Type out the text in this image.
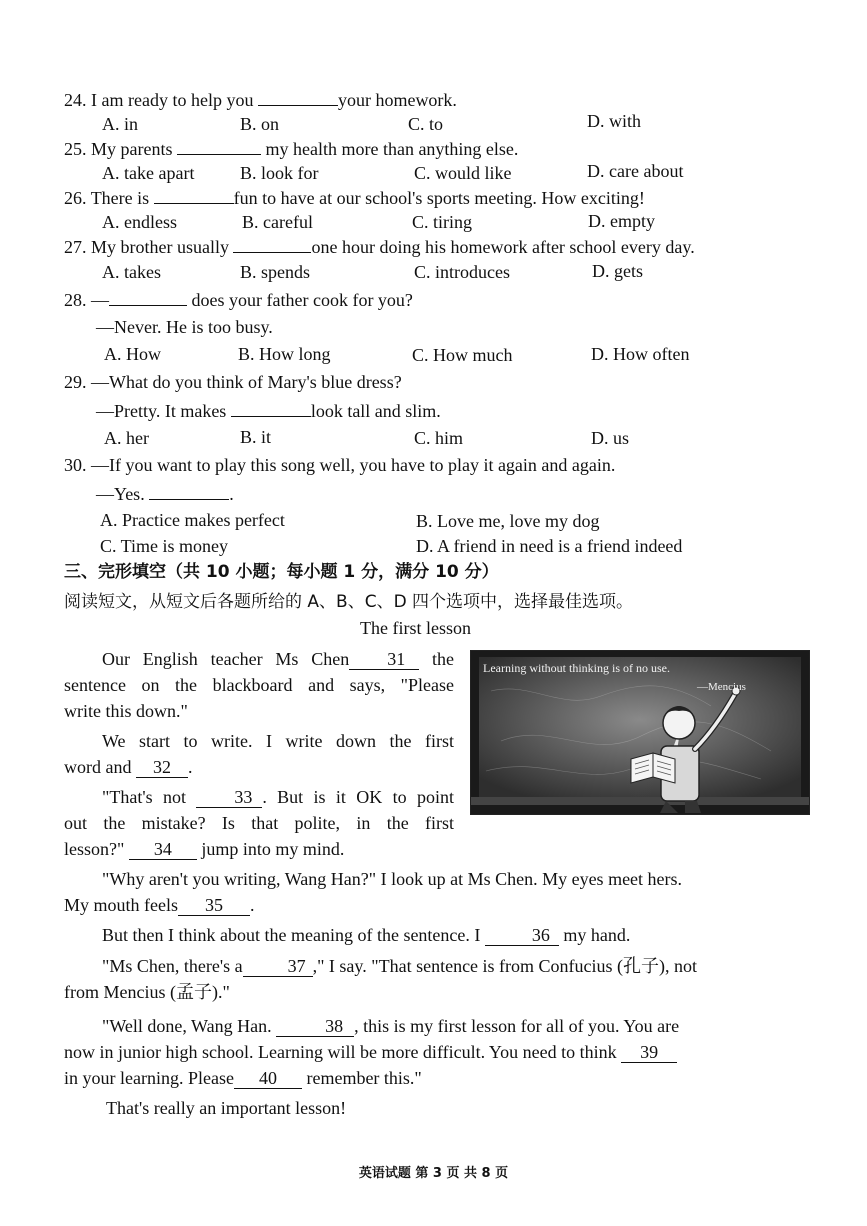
24. I am ready to help you	your homework.
A. in	B. on	C. to	D. with
25. My parents	my health more than anything else.
A. take apart	B. look for	C. would like	D. care about
26. There is	fun to have at our school's sports meeting. How exciting!
A. endless	B. careful	C. tiring	D. empty
27. My brother usually	one hour doing his homework after school every day.
A. takes	B. spends	C. introduces	D. gets
28. —	does your father cook for you?
—Never. He is too busy.
A. How	B. How long	C. How much	D. How often
29. —What do you think of Mary's blue dress?
—Pretty. It makes	look tall and slim.
A. her	B. it	C. him	D. us
30. —If you want to play this song well, you have to play it again and again.
—Yes.	.
A. Practice makes perfect	B. Love me, love my dog
C. Time is money	D. A friend in need is a friend indeed
三、完形填空（共 10 小题；每小题 1 分，满分 10 分）
阅读短文，从短文后各题所给的 A、B、C、D 四个选项中，选择最佳选项。
The first lesson
Our English teacher Ms Chen 31 the
sentence on the blackboard and says, "Please
write this down."
We start to write. I write down the first
word and 32 .
"That's not 33 . But is it OK to point
out the mistake? Is that polite, in the first
lesson?" 34 jump into my mind.
Learning without thinking is of no use.
—Mencius
"Why aren't you writing, Wang Han?" I look up at Ms Chen. My eyes meet hers.
My mouth feels 35 .
But then I think about the meaning of the sentence. I	36 my hand.
"Ms Chen, there's a	37 ," I say. "That sentence is from Confucius (孔子), not
from Mencius (孟子)."
"Well done, Wang Han.	38 , this is my first lesson for all of you. You are
now in junior high school. Learning will be more difficult. You need to think 39
in your learning. Please 40 remember this."
That's really an important lesson!
英语试题 第 3 页 共 8 页
